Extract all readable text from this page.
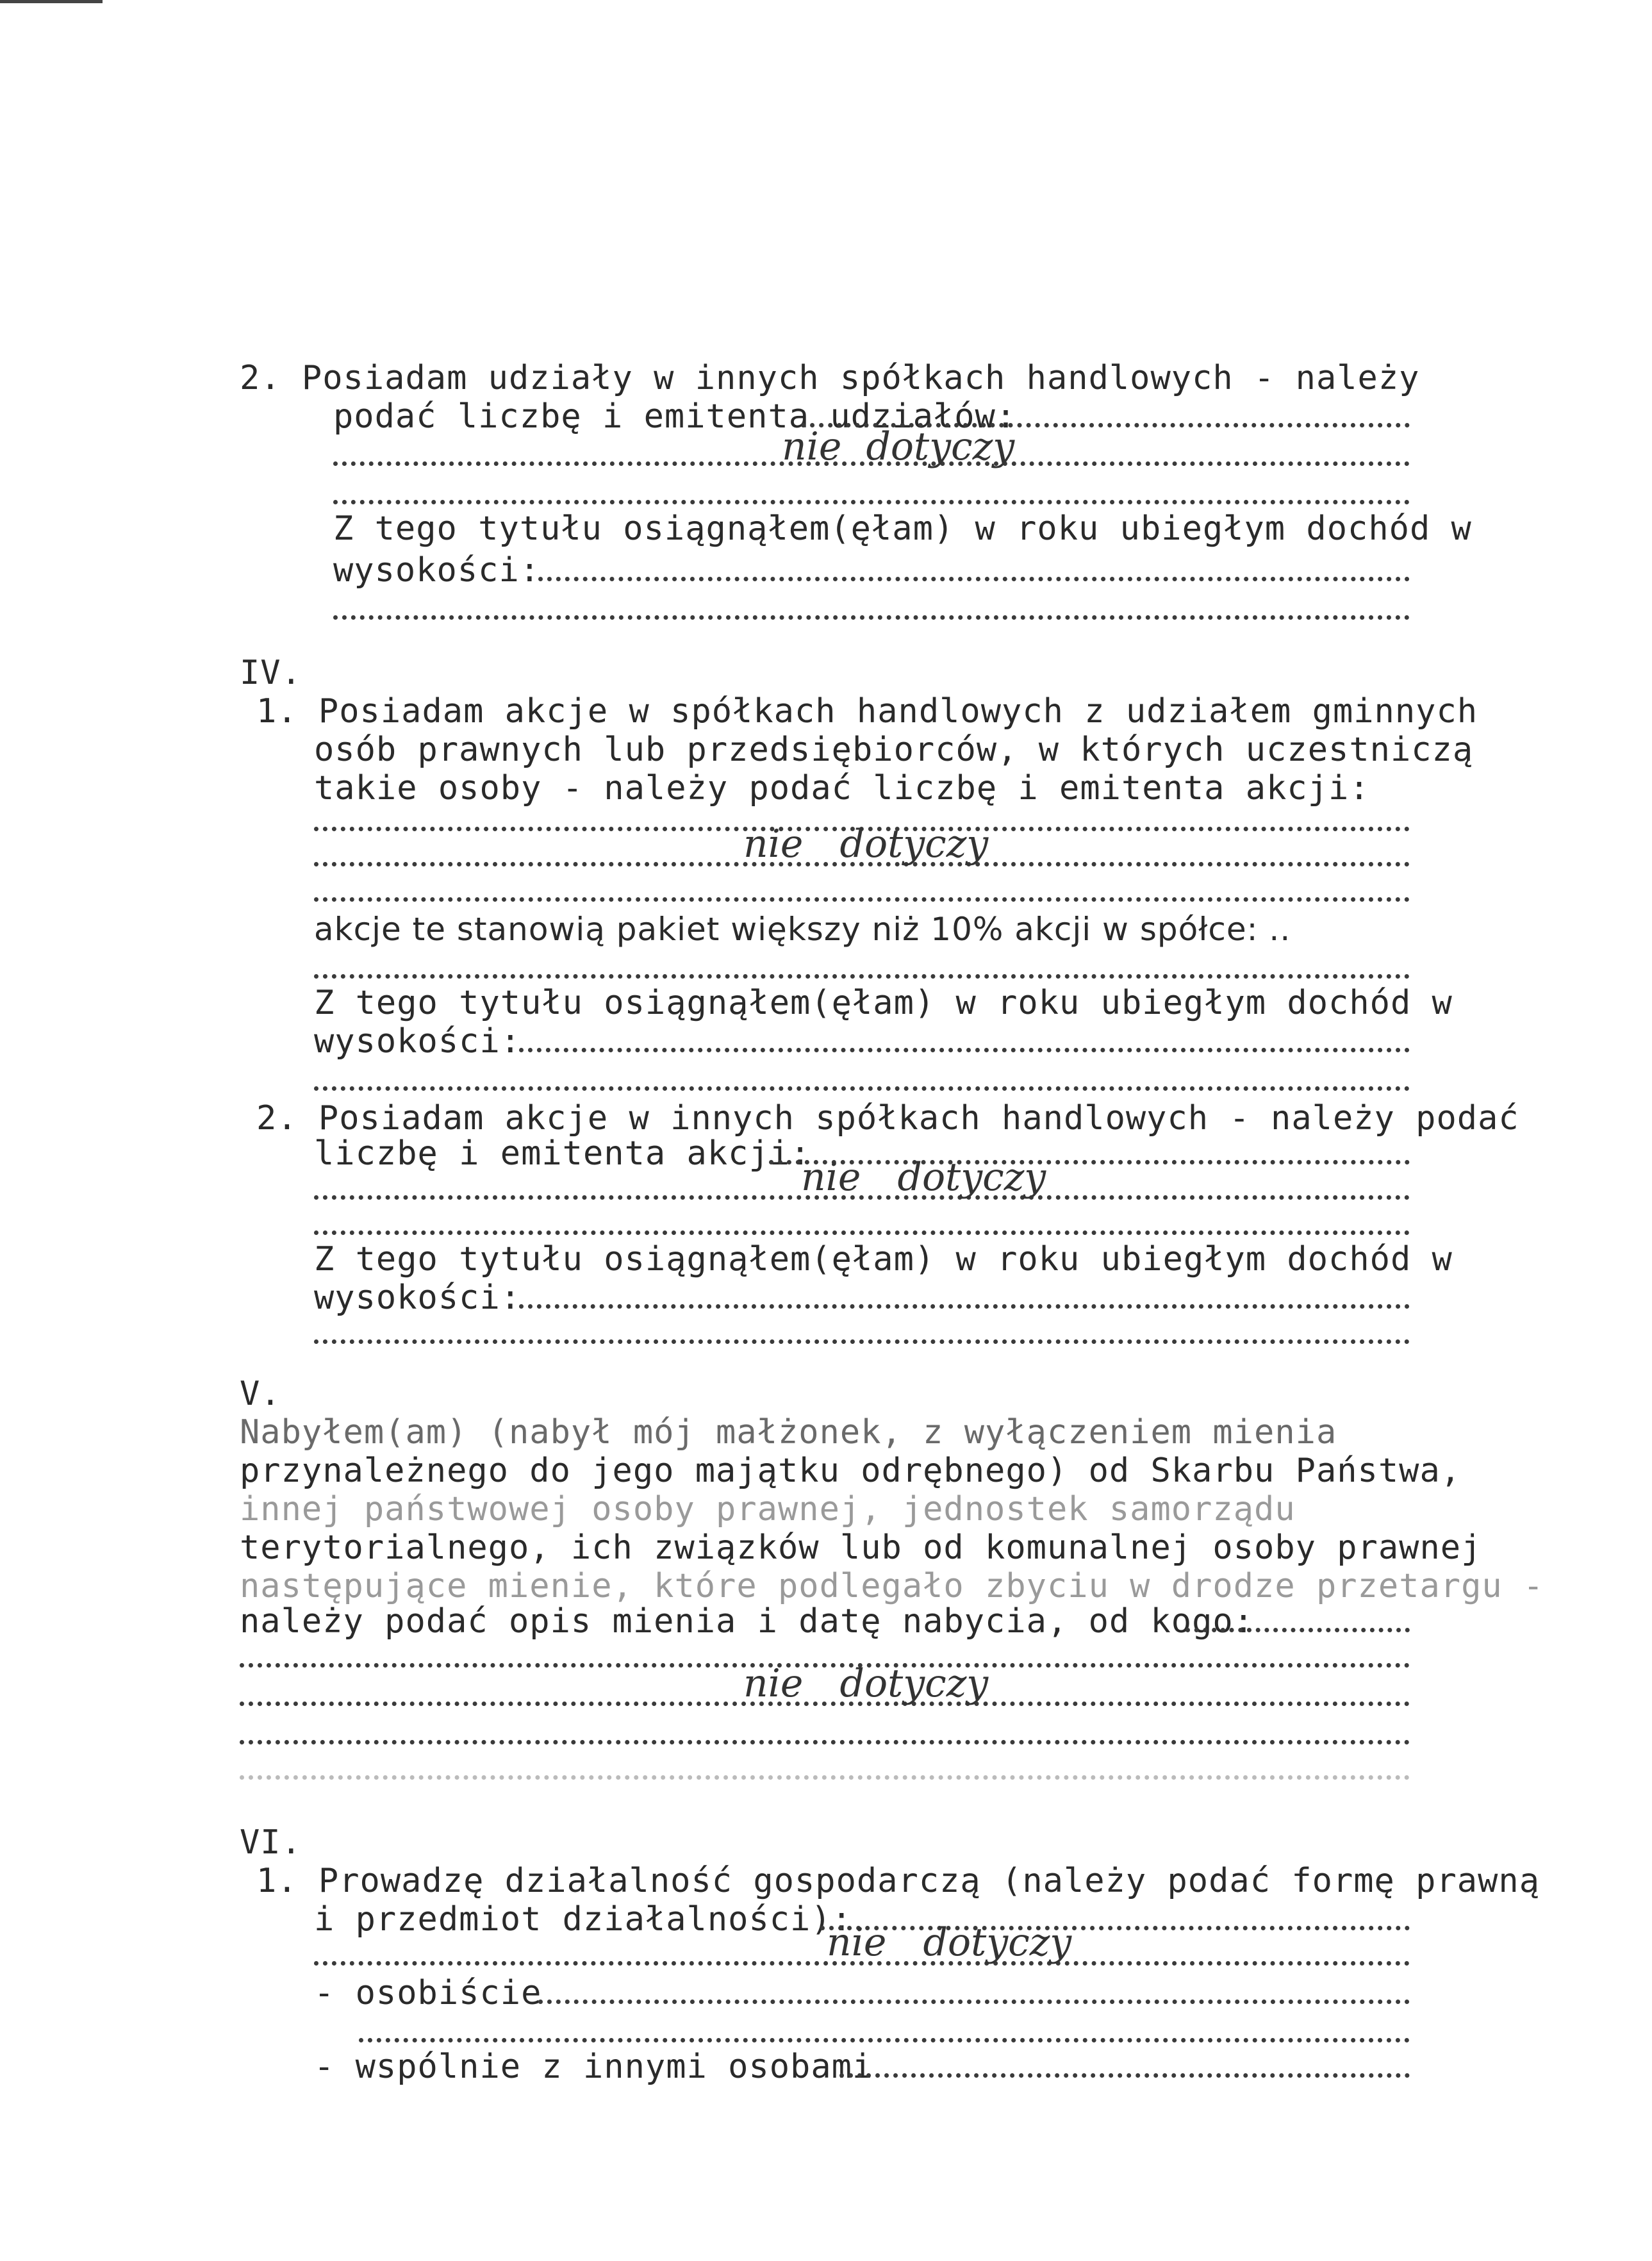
2. Posiadam udziały w innych spółkach handlowych - należy
podać liczbę i emitenta udziałów:
nie  dotyczy
Z tego tytułu osiągnąłem(ęłam) w roku ubiegłym dochód w
wysokości:
IV.
1. Posiadam akcje w spółkach handlowych z udziałem gminnych
osób prawnych lub przedsiębiorców, w których uczestniczą
takie osoby - należy podać liczbę i emitenta akcji:
nie   dotyczy
akcje te stanowią pakiet większy niż 10% akcji w spółce: ..
Z tego tytułu osiągnąłem(ęłam) w roku ubiegłym dochód w
wysokości:
2. Posiadam akcje w innych spółkach handlowych - należy podać
liczbę i emitenta akcji:
nie   dotyczy
Z tego tytułu osiągnąłem(ęłam) w roku ubiegłym dochód w
wysokości:
V.
Nabyłem(am) (nabył mój małżonek, z wyłączeniem mienia
przynależnego do jego majątku odrębnego) od Skarbu Państwa,
innej państwowej osoby prawnej, jednostek samorządu
terytorialnego, ich związków lub od komunalnej osoby prawnej
następujące mienie, które podlegało zbyciu w drodze przetargu -
należy podać opis mienia i datę nabycia, od kogo:
nie   dotyczy
VI.
1. Prowadzę działalność gospodarczą (należy podać formę prawną
i przedmiot działalności):
nie   dotyczy
- osobiście
- wspólnie z innymi osobami
